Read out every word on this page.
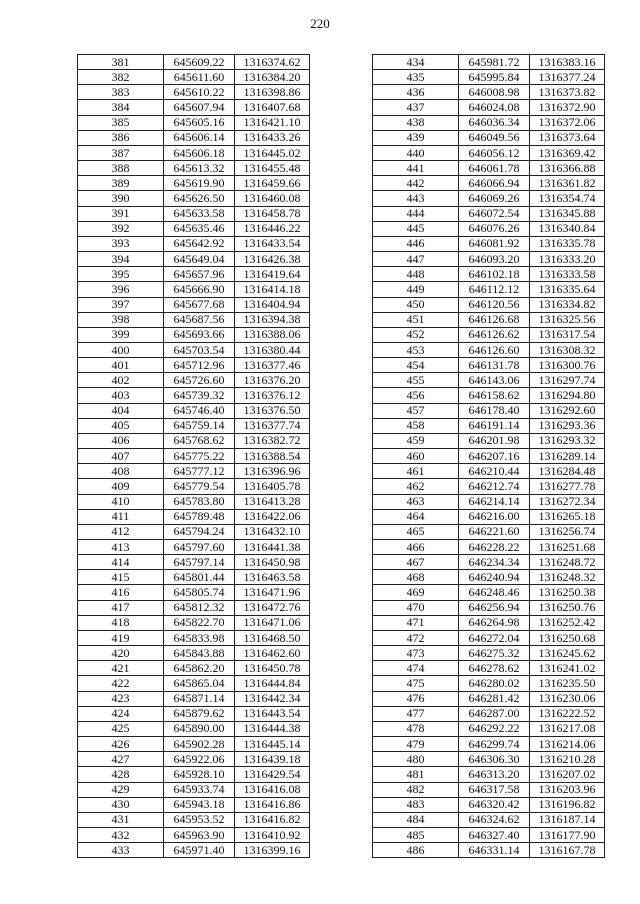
220
381	645609.22	1316374.62
382	645611.60	1316384.20
383	645610.22	1316398.86
384	645607.94	1316407.68
385	645605.16	1316421.10
386	645606.14	1316433.26
387	645606.18	1316445.02
388	645613.32	1316455.48
389	645619.90	1316459.66
390	645626.50	1316460.08
391	645633.58	1316458.78
392	645635.46	1316446.22
393	645642.92	1316433.54
394	645649.04	1316426.38
395	645657.96	1316419.64
396	645666.90	1316414.18
397	645677.68	1316404.94
398	645687.56	1316394.38
399	645693.66	1316388.06
400	645703.54	1316380.44
401	645712.96	1316377.46
402	645726.60	1316376.20
403	645739.32	1316376.12
404	645746.40	1316376.50
405	645759.14	1316377.74
406	645768.62	1316382.72
407	645775.22	1316388.54
408	645777.12	1316396.96
409	645779.54	1316405.78
410	645783.80	1316413.28
411	645789.48	1316422.06
412	645794.24	1316432.10
413	645797.60	1316441.38
414	645797.14	1316450.98
415	645801.44	1316463.58
416	645805.74	1316471.96
417	645812.32	1316472.76
418	645822.70	1316471.06
419	645833.98	1316468.50
420	645843.88	1316462.60
421	645862.20	1316450.78
422	645865.04	1316444.84
423	645871.14	1316442.34
424	645879.62	1316443.54
425	645890.00	1316444.38
426	645902.28	1316445.14
427	645922.06	1316439.18
428	645928.10	1316429.54
429	645933.74	1316416.08
430	645943.18	1316416.86
431	645953.52	1316416.82
432	645963.90	1316410.92
433	645971.40	1316399.16
434	645981.72	1316383.16
435	645995.84	1316377.24
436	646008.98	1316373.82
437	646024.08	1316372.90
438	646036.34	1316372.06
439	646049.56	1316373.64
440	646056.12	1316369.42
441	646061.78	1316366.88
442	646066.94	1316361.82
443	646069.26	1316354.74
444	646072.54	1316345.88
445	646076.26	1316340.84
446	646081.92	1316335.78
447	646093.20	1316333.20
448	646102.18	1316333.58
449	646112.12	1316335.64
450	646120.56	1316334.82
451	646126.68	1316325.56
452	646126.62	1316317.54
453	646126.60	1316308.32
454	646131.78	1316300.76
455	646143.06	1316297.74
456	646158.62	1316294.80
457	646178.40	1316292.60
458	646191.14	1316293.36
459	646201.98	1316293.32
460	646207.16	1316289.14
461	646210.44	1316284.48
462	646212.74	1316277.78
463	646214.14	1316272.34
464	646216.00	1316265.18
465	646221.60	1316256.74
466	646228.22	1316251.68
467	646234.34	1316248.72
468	646240.94	1316248.32
469	646248.46	1316250.38
470	646256.94	1316250.76
471	646264.98	1316252.42
472	646272.04	1316250.68
473	646275.32	1316245.62
474	646278.62	1316241.02
475	646280.02	1316235.50
476	646281.42	1316230.06
477	646287.00	1316222.52
478	646292.22	1316217.08
479	646299.74	1316214.06
480	646306.30	1316210.28
481	646313.20	1316207.02
482	646317.58	1316203.96
483	646320.42	1316196.82
484	646324.62	1316187.14
485	646327.40	1316177.90
486	646331.14	1316167.78
